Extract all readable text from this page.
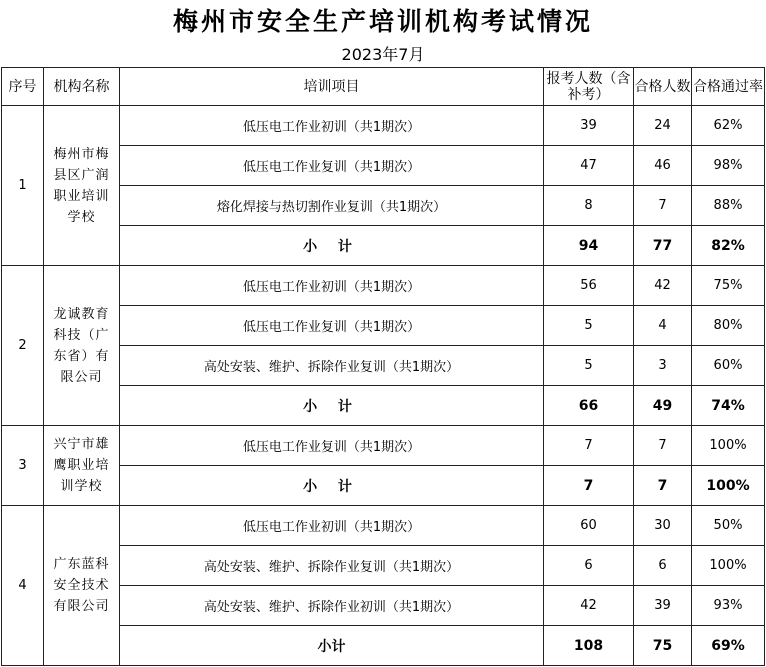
梅州市安全生产培训机构考试情况
2023年7月
序号	机构名称	培训项目	报考人数（含补考）	合格人数	合格通过率
1	梅州市梅县区广润职业培训学校	低压电工作业初训（共1期次）	39	24	62%
		低压电工作业复训（共1期次）	47	46	98%
		熔化焊接与热切割作业复训（共1期次）	8	7	88%
		小 计	94	77	82%
2	龙诚教育科技（广东省）有限公司	低压电工作业初训（共1期次）	56	42	75%
		低压电工作业复训（共1期次）	5	4	80%
		高处安装、维护、拆除作业复训（共1期次）	5	3	60%
		小 计	66	49	74%
3	兴宁市雄鹰职业培训学校	低压电工作业复训（共1期次）	7	7	100%
		小 计	7	7	100%
4	广东蓝科安全技术有限公司	低压电工作业初训（共1期次）	60	30	50%
		高处安装、维护、拆除作业复训（共1期次）	6	6	100%
		高处安装、维护、拆除作业初训（共1期次）	42	39	93%
		小计	108	75	69%
